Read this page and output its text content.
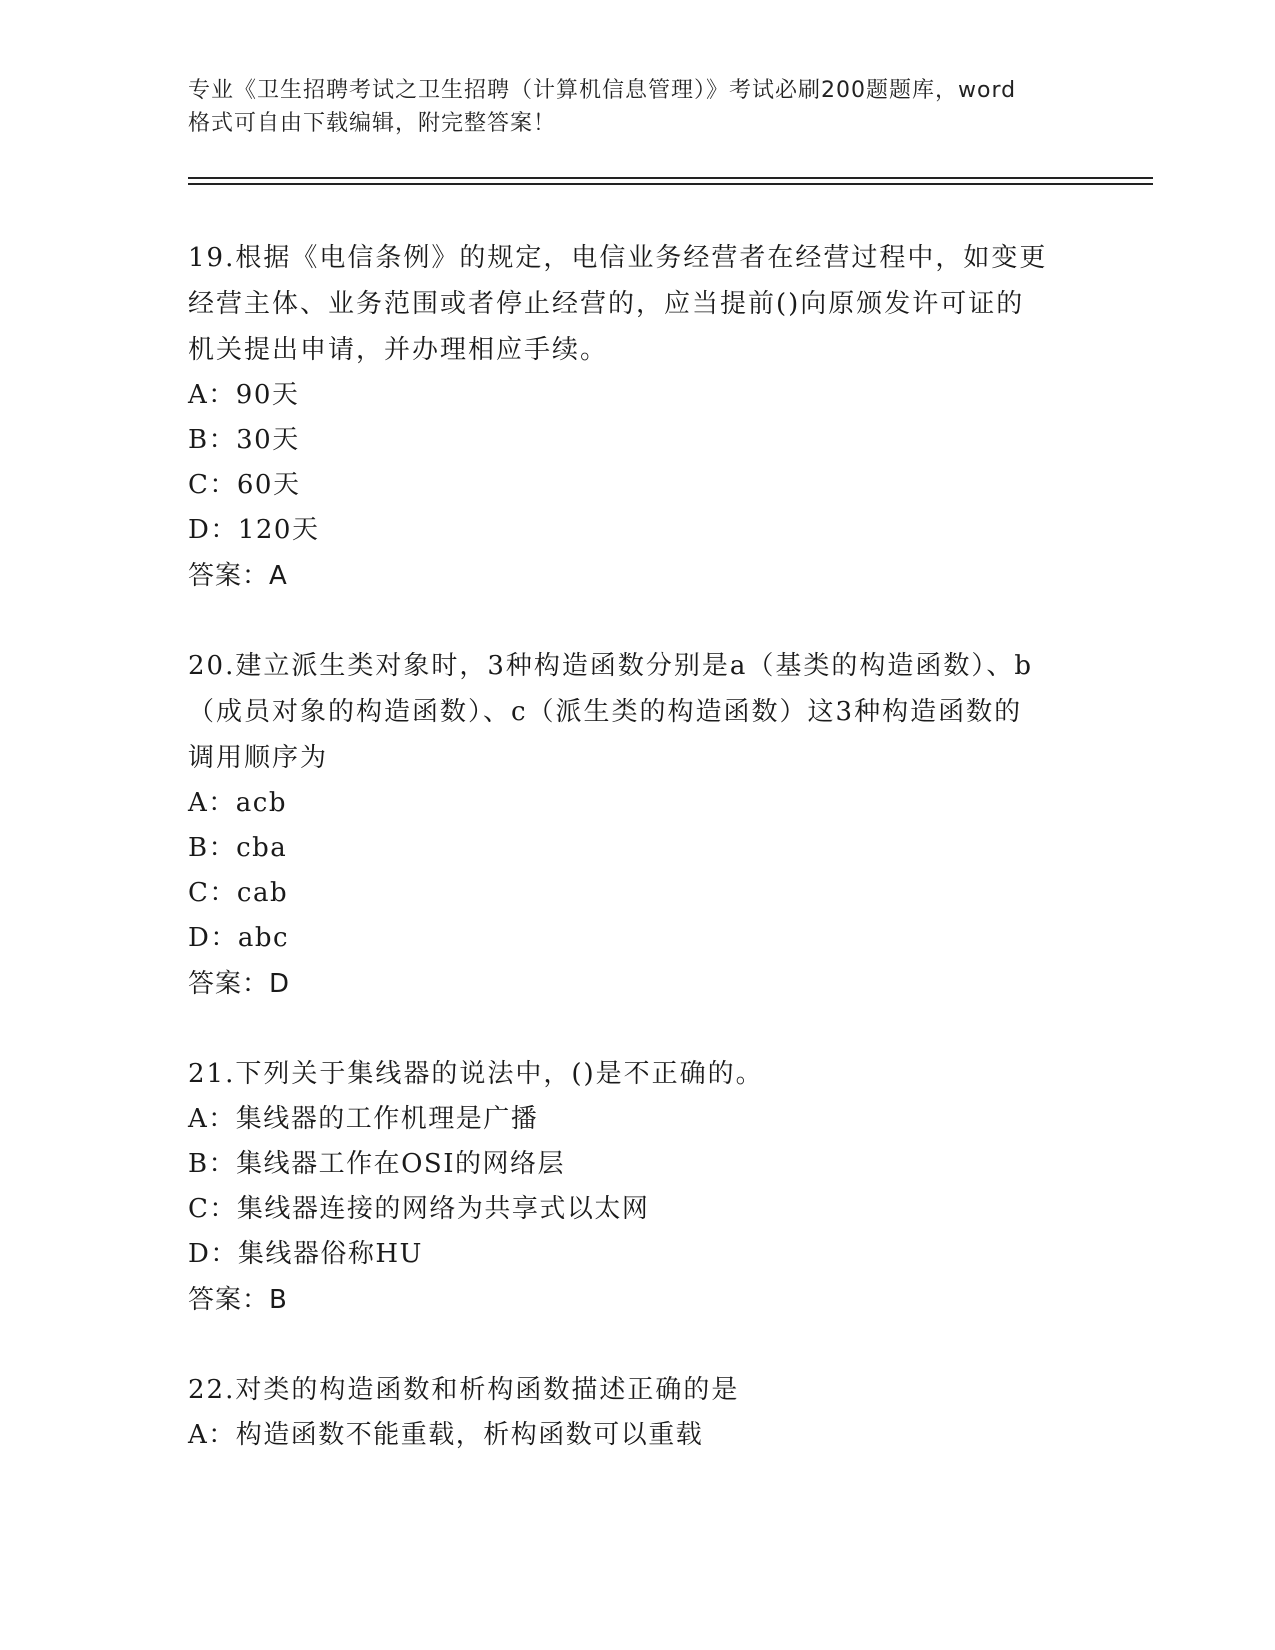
专业《卫生招聘考试之卫生招聘（计算机信息管理）》考试必刷200题题库，word
格式可自由下载编辑，附完整答案！
19.根据《电信条例》的规定，电信业务经营者在经营过程中，如变更
经营主体、业务范围或者停止经营的，应当提前()向原颁发许可证的
机关提出申请，并办理相应手续。
A：90天
B：30天
C：60天
D：120天
答案：A
20.建立派生类对象时，3种构造函数分别是a（基类的构造函数）、b
（成员对象的构造函数）、c（派生类的构造函数）这3种构造函数的
调用顺序为
A：acb
B：cba
C：cab
D：abc
答案：D
21.下列关于集线器的说法中，()是不正确的。
A：集线器的工作机理是广播
B：集线器工作在OSI的网络层
C：集线器连接的网络为共享式以太网
D：集线器俗称HU
答案：B
22.对类的构造函数和析构函数描述正确的是
A：构造函数不能重载，析构函数可以重载
